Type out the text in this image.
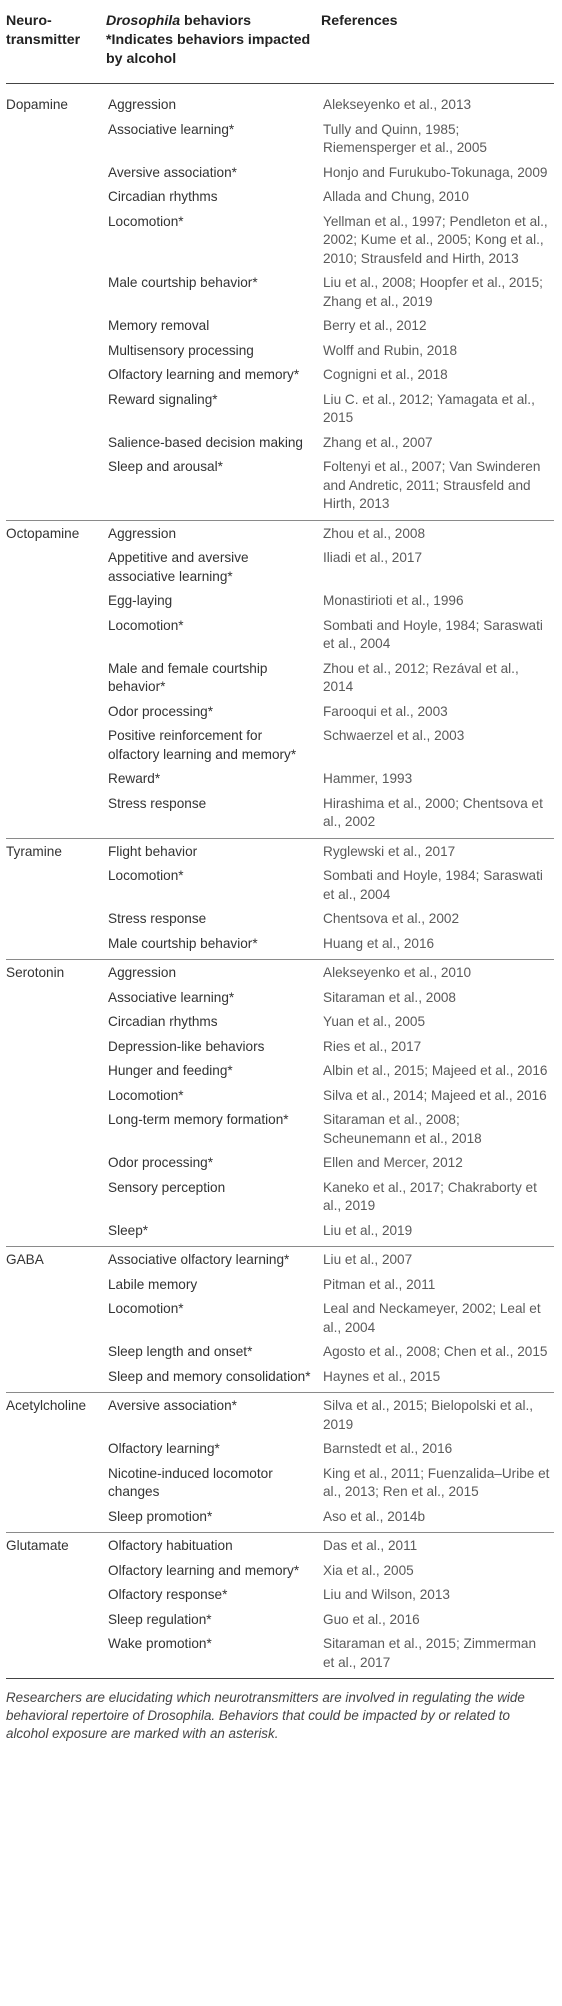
Neuro-transmitter	Drosophila behaviors *Indicates behaviors impacted by alcohol	References
Dopamine	Aggression	Alekseyenko et al., 2013
	Associative learning*	Tully and Quinn, 1985; Riemensperger et al., 2005
	Aversive association*	Honjo and Furukubo-Tokunaga, 2009
	Circadian rhythms	Allada and Chung, 2010
	Locomotion*	Yellman et al., 1997; Pendleton et al., 2002; Kume et al., 2005; Kong et al., 2010; Strausfeld and Hirth, 2013
	Male courtship behavior*	Liu et al., 2008; Hoopfer et al., 2015; Zhang et al., 2019
	Memory removal	Berry et al., 2012
	Multisensory processing	Wolff and Rubin, 2018
	Olfactory learning and memory*	Cognigni et al., 2018
	Reward signaling*	Liu C. et al., 2012; Yamagata et al., 2015
	Salience-based decision making	Zhang et al., 2007
	Sleep and arousal*	Foltenyi et al., 2007; Van Swinderen and Andretic, 2011; Strausfeld and Hirth, 2013
Octopamine	Aggression	Zhou et al., 2008
	Appetitive and aversive associative learning*	Iliadi et al., 2017
	Egg-laying	Monastirioti et al., 1996
	Locomotion*	Sombati and Hoyle, 1984; Saraswati et al., 2004
	Male and female courtship behavior*	Zhou et al., 2012; Rezával et al., 2014
	Odor processing*	Farooqui et al., 2003
	Positive reinforcement for olfactory learning and memory*	Schwaerzel et al., 2003
	Reward*	Hammer, 1993
	Stress response	Hirashima et al., 2000; Chentsova et al., 2002
Tyramine	Flight behavior	Ryglewski et al., 2017
	Locomotion*	Sombati and Hoyle, 1984; Saraswati et al., 2004
	Stress response	Chentsova et al., 2002
	Male courtship behavior*	Huang et al., 2016
Serotonin	Aggression	Alekseyenko et al., 2010
	Associative learning*	Sitaraman et al., 2008
	Circadian rhythms	Yuan et al., 2005
	Depression-like behaviors	Ries et al., 2017
	Hunger and feeding*	Albin et al., 2015; Majeed et al., 2016
	Locomotion*	Silva et al., 2014; Majeed et al., 2016
	Long-term memory formation*	Sitaraman et al., 2008; Scheunemann et al., 2018
	Odor processing*	Ellen and Mercer, 2012
	Sensory perception	Kaneko et al., 2017; Chakraborty et al., 2019
	Sleep*	Liu et al., 2019
GABA	Associative olfactory learning*	Liu et al., 2007
	Labile memory	Pitman et al., 2011
	Locomotion*	Leal and Neckameyer, 2002; Leal et al., 2004
	Sleep length and onset*	Agosto et al., 2008; Chen et al., 2015
	Sleep and memory consolidation*	Haynes et al., 2015
Acetylcholine	Aversive association*	Silva et al., 2015; Bielopolski et al., 2019
	Olfactory learning*	Barnstedt et al., 2016
	Nicotine-induced locomotor changes	King et al., 2011; Fuenzalida–Uribe et al., 2013; Ren et al., 2015
	Sleep promotion*	Aso et al., 2014b
Glutamate	Olfactory habituation	Das et al., 2011
	Olfactory learning and memory*	Xia et al., 2005
	Olfactory response*	Liu and Wilson, 2013
	Sleep regulation*	Guo et al., 2016
	Wake promotion*	Sitaraman et al., 2015; Zimmerman et al., 2017
Researchers are elucidating which neurotransmitters are involved in regulating the wide behavioral repertoire of Drosophila. Behaviors that could be impacted by or related to alcohol exposure are marked with an asterisk.
